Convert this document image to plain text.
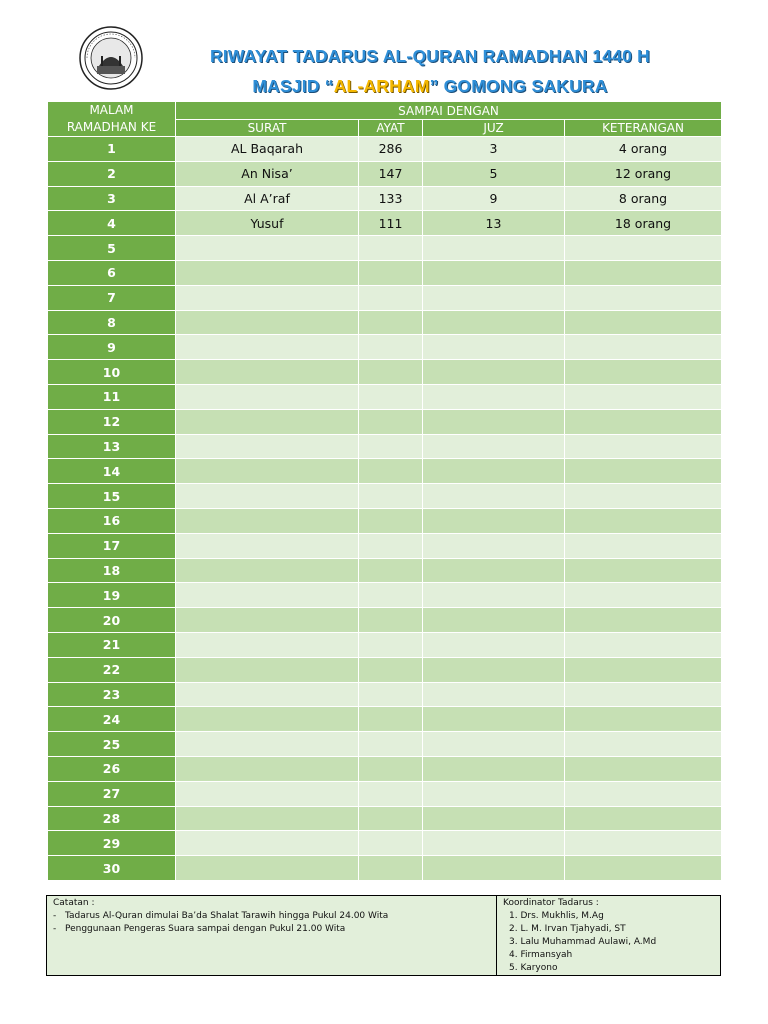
RIWAYAT TADARUS AL-QURAN RAMADHAN 1440 H
MASJID “AL-ARHAM” GOMONG SAKURA
MALAM
RAMADHAN KE	SAMPAI DENGAN			
	SURAT	AYAT	JUZ	KETERANGAN
1	AL Baqarah	286	3	4 orang
2	An Nisa’	147	5	12 orang
3	Al A’raf	133	9	8 orang
4	Yusuf	111	13	18 orang
5				
6				
7				
8				
9				
10				
11				
12				
13				
14				
15				
16				
17				
18				
19				
20				
21				
22				
23				
24				
25				
26				
27				
28				
29				
30				
Catatan :
- Tadarus Al-Quran dimulai Ba’da Shalat Tarawih hingga Pukul 24.00 Wita
- Penggunaan Pengeras Suara sampai dengan Pukul 21.00 Wita
Koordinator Tadarus :
1. Drs. Mukhlis, M.Ag
2. L. M. Irvan Tjahyadi, ST
3. Lalu Muhammad Aulawi, A.Md
4. Firmansyah
5. Karyono
